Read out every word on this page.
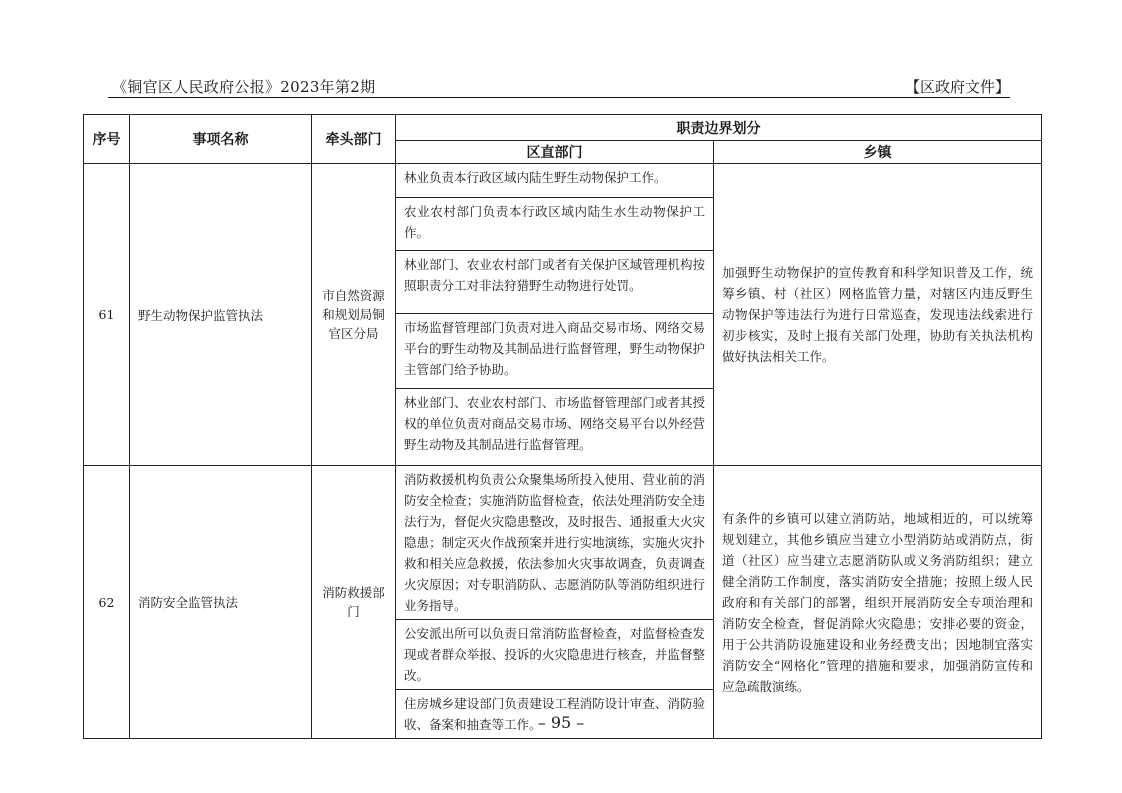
《铜官区人民政府公报》2023年第2期	【区政府文件】
序号	事项名称	牵头部门	职责边界划分	
			区直部门	乡镇
61	野生动物保护监管执法	市自然资源和规划局铜官区分局	林业负责本行政区域内陆生野生动物保护工作。	加强野生动物保护的宣传教育和科学知识普及工作，统筹乡镇、村（社区）网格监管力量，对辖区内违反野生动物保护等违法行为进行日常巡查，发现违法线索进行初步核实，及时上报有关部门处理，协助有关执法机构做好执法相关工作。
			农业农村部门负责本行政区域内陆生水生动物保护工作。	
			林业部门、农业农村部门或者有关保护区域管理机构按照职责分工对非法狩猎野生动物进行处罚。	
			市场监督管理部门负责对进入商品交易市场、网络交易平台的野生动物及其制品进行监督管理，野生动物保护主管部门给予协助。	
			林业部门、农业农村部门、市场监督管理部门或者其授权的单位负责对商品交易市场、网络交易平台以外经营野生动物及其制品进行监督管理。	
62	消防安全监管执法	消防救援部门	消防救援机构负责公众聚集场所投入使用、营业前的消防安全检查；实施消防监督检查，依法处理消防安全违法行为，督促火灾隐患整改，及时报告、通报重大火灾隐患；制定灭火作战预案并进行实地演练，实施火灾扑救和相关应急救援，依法参加火灾事故调查，负责调查火灾原因；对专职消防队、志愿消防队等消防组织进行业务指导。	有条件的乡镇可以建立消防站，地域相近的，可以统筹规划建立，其他乡镇应当建立小型消防站或消防点，街道（社区）应当建立志愿消防队或义务消防组织；建立健全消防工作制度，落实消防安全措施；按照上级人民政府和有关部门的部署，组织开展消防安全专项治理和消防安全检查，督促消除火灾隐患；安排必要的资金，用于公共消防设施建设和业务经费支出；因地制宜落实消防安全“网格化”管理的措施和要求，加强消防宣传和应急疏散演练。
			公安派出所可以负责日常消防监督检查，对监督检查发现或者群众举报、投诉的火灾隐患进行核查，并监督整改。	
			住房城乡建设部门负责建设工程消防设计审查、消防验收、备案和抽查等工作。	
– 95 –
